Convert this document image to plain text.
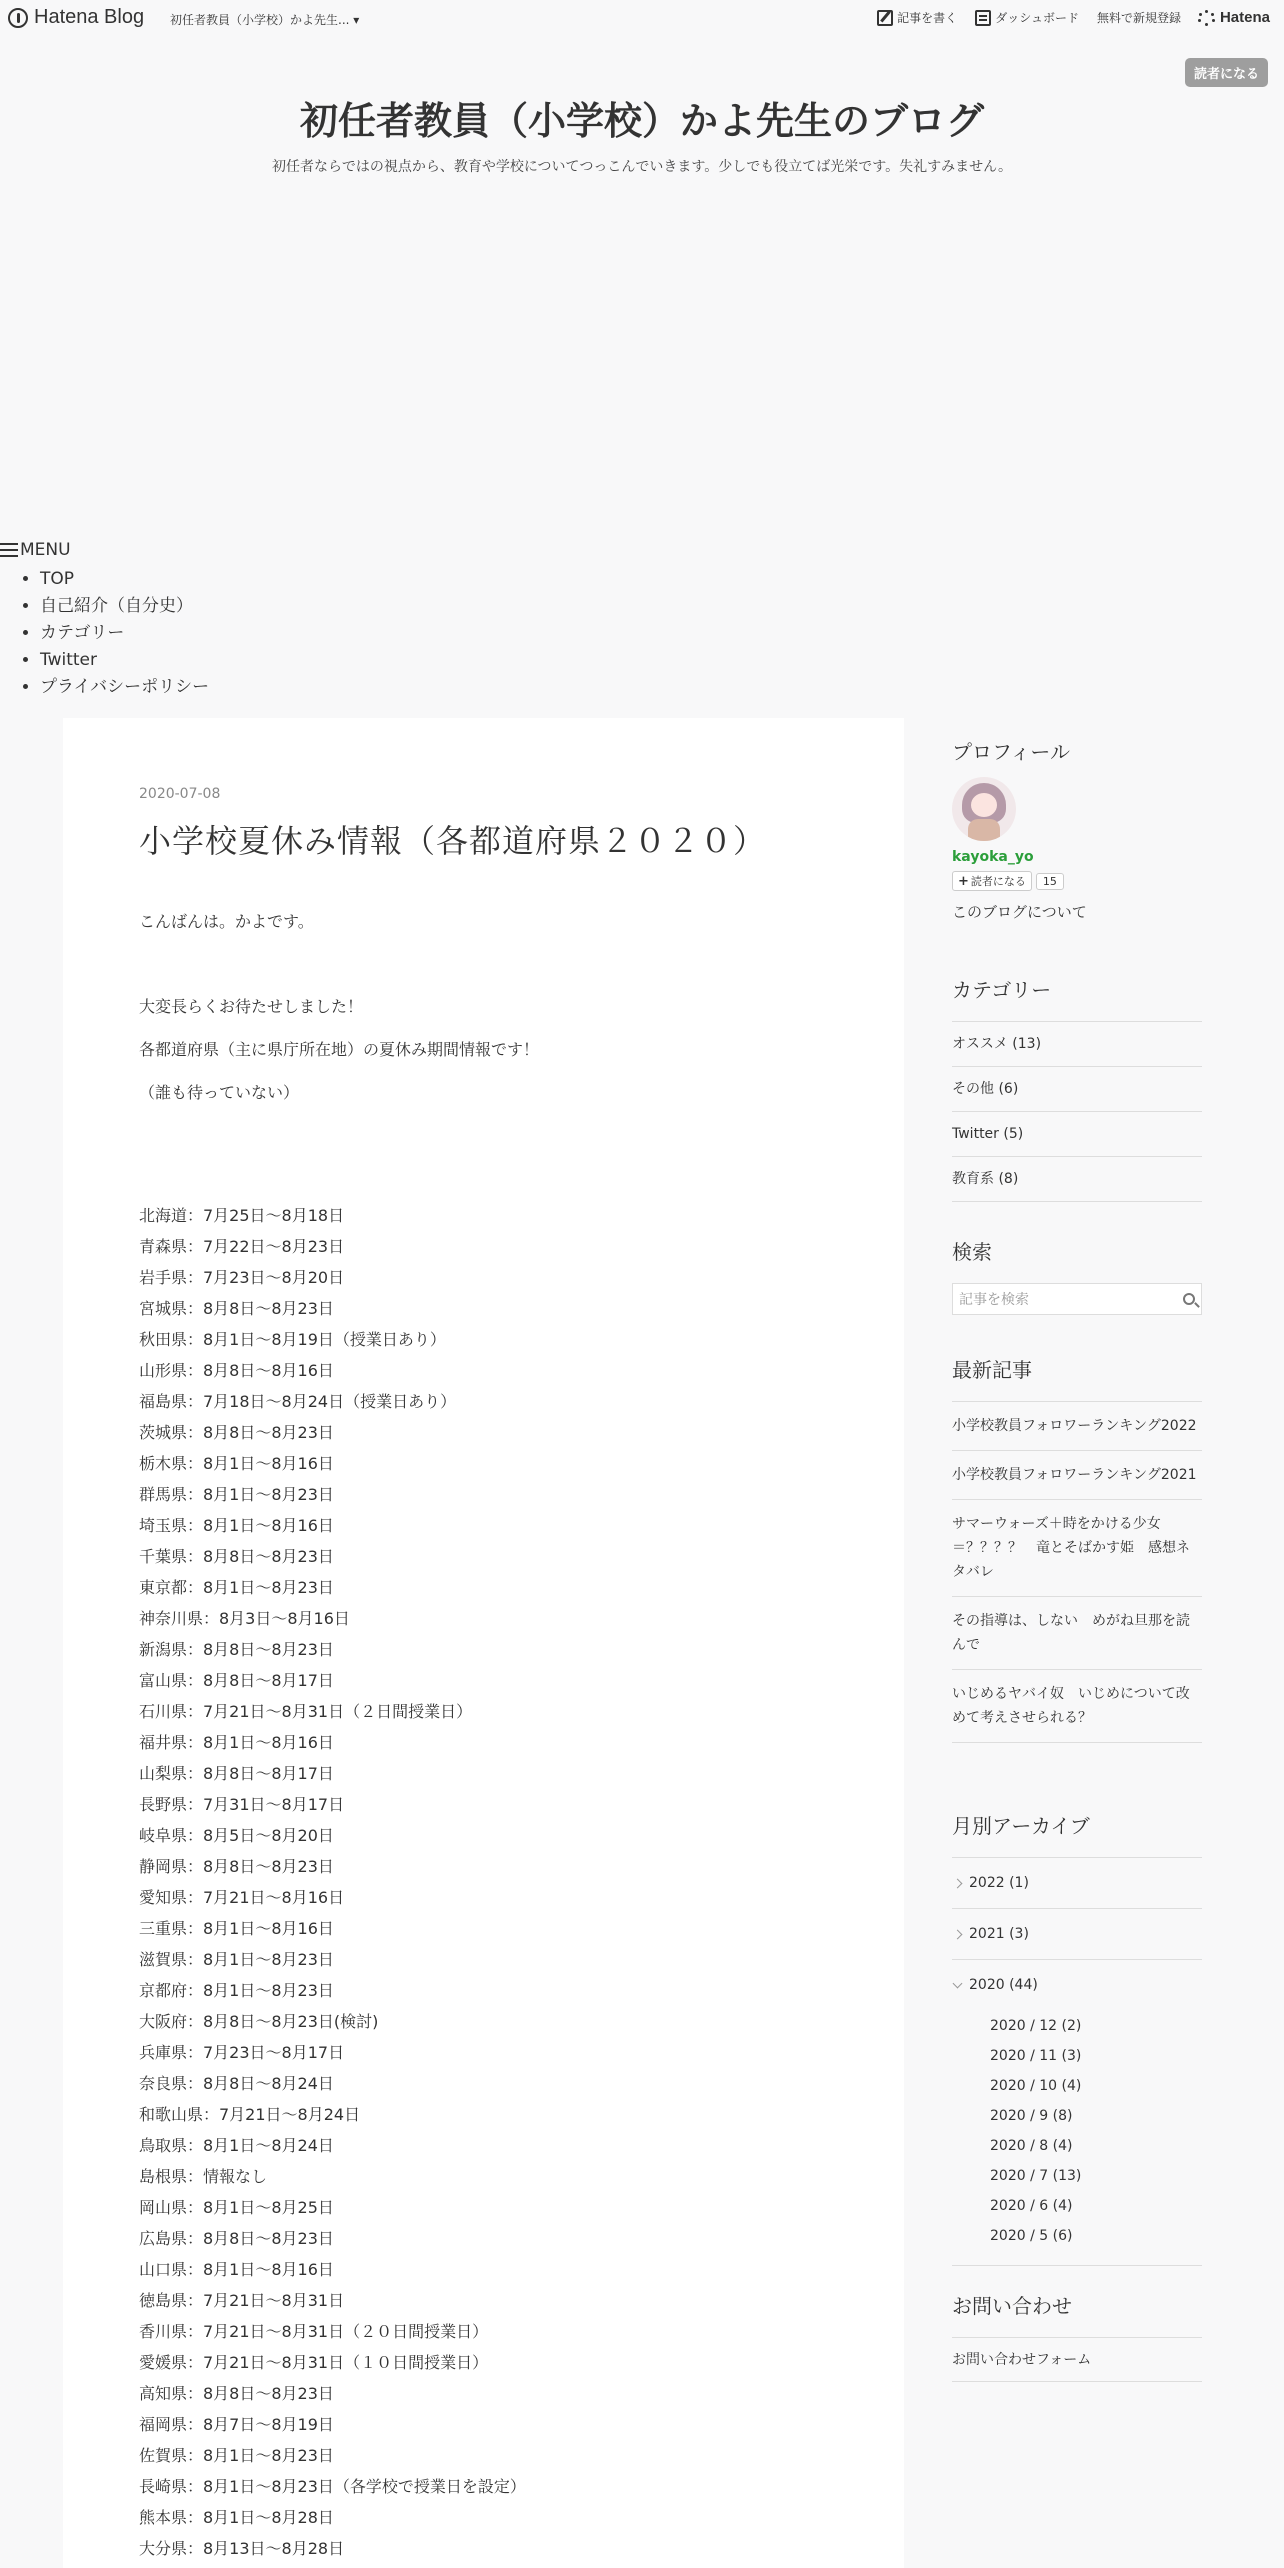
Hatena Blog 初任者教員（小学校）かよ先生... ▾	記事を書く	ダッシュボード 無料で新規登録	Hatena
読者になる
初任者教員（小学校）かよ先生のブログ

初任者ならではの視点から、教育や学校についてつっこんでいきます。少しでも役立てば光栄です。失礼すみません。

MENU
• TOP
• 自己紹介（自分史）
• カテゴリー
• Twitter
• プライバシーポリシー
2020-07-08
小学校夏休み情報（各都道府県２０２０）

こんばんは。かよです。

大変長らくお待たせしました！

各都道府県（主に県庁所在地）の夏休み期間情報です！

（誰も待っていない）

北海道：7月25日〜8月18日

青森県：7月22日〜8月23日

岩手県：7月23日〜8月20日

宮城県：8月8日〜8月23日

秋田県：8月1日〜8月19日（授業日あり）

山形県：8月8日〜8月16日

福島県：7月18日〜8月24日（授業日あり）

茨城県：8月8日〜8月23日

栃木県：8月1日～8月16日

群馬県：8月1日～8月23日

埼玉県：8月1日～8月16日

千葉県：8月8日〜8月23日

東京都：8月1日～8月23日

神奈川県：8月3日～8月16日

新潟県：8月8日〜8月23日

富山県：8月8日〜8月17日

石川県：7月21日〜8月31日（２日間授業日）

福井県：8月1日～8月16日

山梨県：8月8日〜8月17日

長野県：7月31日～8月17日

岐阜県：8月5日～8月20日

静岡県：8月8日〜8月23日

愛知県：7月21日～8月16日

三重県：8月1日～8月16日

滋賀県：8月1日～8月23日

京都府：8月1日～8月23日

大阪府：8月8日～8月23日(検討)

兵庫県：7月23日〜8月17日

奈良県：8月8日～8月24日

和歌山県：7月21日～8月24日

鳥取県：8月1日～8月24日

島根県：情報なし

岡山県：8月1日～8月25日

広島県：8月8日～8月23日

山口県：8月1日～8月16日

徳島県：7月21日〜8月31日

香川県：7月21日〜8月31日（２０日間授業日）

愛媛県：7月21日〜8月31日（１０日間授業日）

高知県：8月8日～8月23日

福岡県：8月7日～8月19日

佐賀県：8月1日～8月23日

長崎県：8月1日～8月23日（各学校で授業日を設定）

熊本県：8月1日～8月28日

大分県：8月13日～8月28日

プロフィール
kayoka_yo
+ 読者になる	15
このブログについて
カテゴリー
オススメ (13)
その他 (6)
Twitter (5)
教育系 (8)
検索
記事を検索
最新記事
小学校教員フォロワーランキング2022
小学校教員フォロワーランキング2021
サマーウォーズ＋時をかける少女＝？？？？　竜とそばかす姫　感想ネタバレ
その指導は、しない　めがね旦那を読んで
いじめるヤバイ奴　いじめについて改めて考えさせられる？
月別アーカイブ
2022 (1)
2021 (3)
2020 (44)
2020 / 12 (2)
2020 / 11 (3)
2020 / 10 (4)
2020 / 9 (8)
2020 / 8 (4)
2020 / 7 (13)
2020 / 6 (4)
2020 / 5 (6)
お問い合わせ
お問い合わせフォーム
